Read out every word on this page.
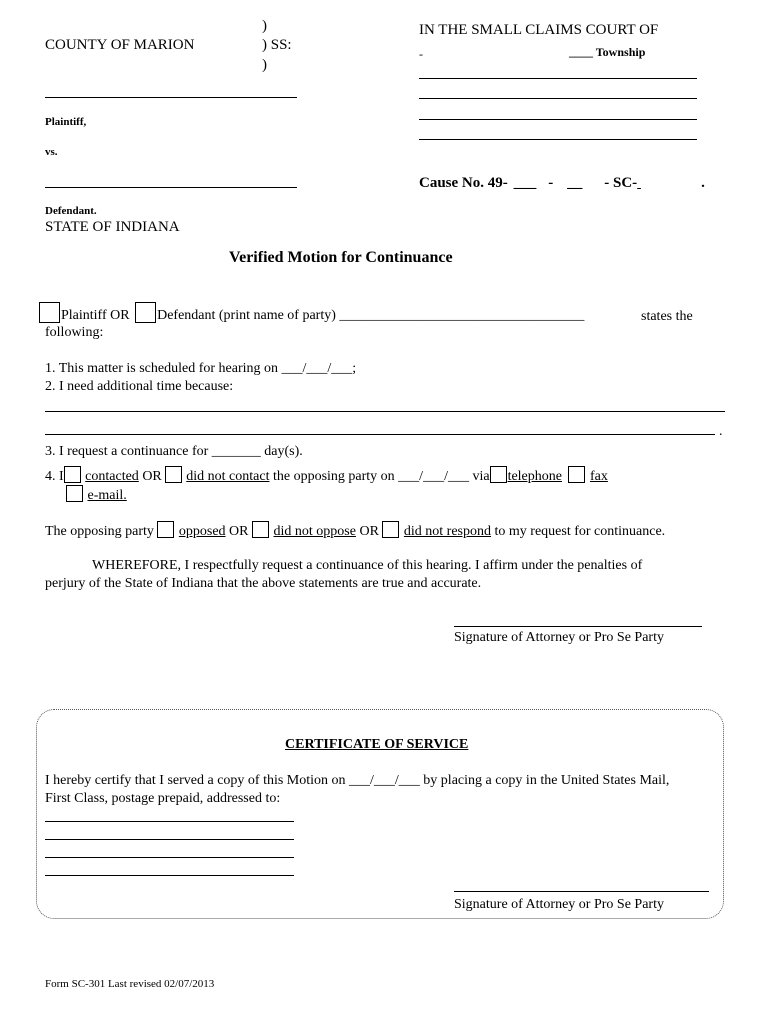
)
COUNTY OF MARION	) SS:
)
IN THE SMALL CLAIMS COURT OF
-	____ Township
Plaintiff,
vs.
Defendant.
STATE OF INDIANA
Cause No. 49- ___ - __ - SC-	.
Verified Motion for Continuance
Plaintiff OR Defendant (print name of party) ___________________________________	states the
following:
1. This matter is scheduled for hearing on ___/___/___;
2. I need additional time because:
.
3. I request a continuance for _______ day(s).
4. I contacted OR did not contact the opposing party on ___/___/___ via telephone fax
e-mail.
The opposing party opposed OR did not oppose OR did not respond to my request for continuance.
WHEREFORE, I respectfully request a continuance of this hearing. I affirm under the penalties of
perjury of the State of Indiana that the above statements are true and accurate.
Signature of Attorney or Pro Se Party
CERTIFICATE OF SERVICE
I hereby certify that I served a copy of this Motion on ___/___/___ by placing a copy in the United States Mail,
First Class, postage prepaid, addressed to:
Signature of Attorney or Pro Se Party
Form SC-301 Last revised 02/07/2013
